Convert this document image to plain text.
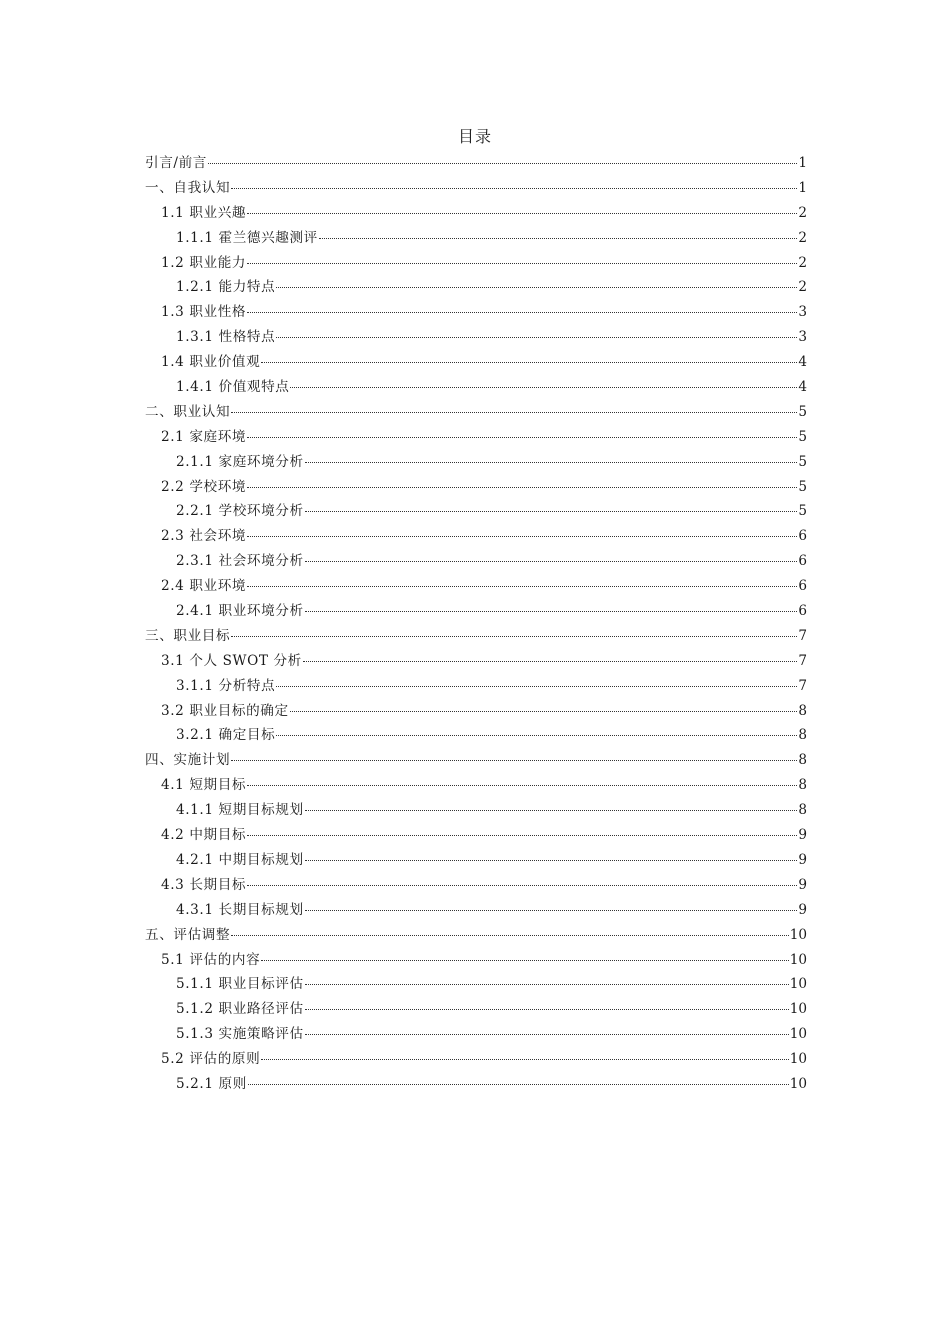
目录
引言/前言	1
一、自我认知	1
1.1 职业兴趣	2
1.1.1 霍兰德兴趣测评	2
1.2 职业能力	2
1.2.1 能力特点	2
1.3 职业性格	3
1.3.1 性格特点	3
1.4 职业价值观	4
1.4.1 价值观特点	4
二、职业认知	5
2.1 家庭环境	5
2.1.1 家庭环境分析	5
2.2 学校环境	5
2.2.1 学校环境分析	5
2.3 社会环境	6
2.3.1 社会环境分析	6
2.4 职业环境	6
2.4.1 职业环境分析	6
三、职业目标	7
3.1 个人 SWOT 分析	7
3.1.1 分析特点	7
3.2 职业目标的确定	8
3.2.1 确定目标	8
四、实施计划	8
4.1 短期目标	8
4.1.1 短期目标规划	8
4.2 中期目标	9
4.2.1 中期目标规划	9
4.3 长期目标	9
4.3.1 长期目标规划	9
五、评估调整	10
5.1 评估的内容	10
5.1.1 职业目标评估	10
5.1.2 职业路径评估	10
5.1.3 实施策略评估	10
5.2 评估的原则	10
5.2.1 原则	10
